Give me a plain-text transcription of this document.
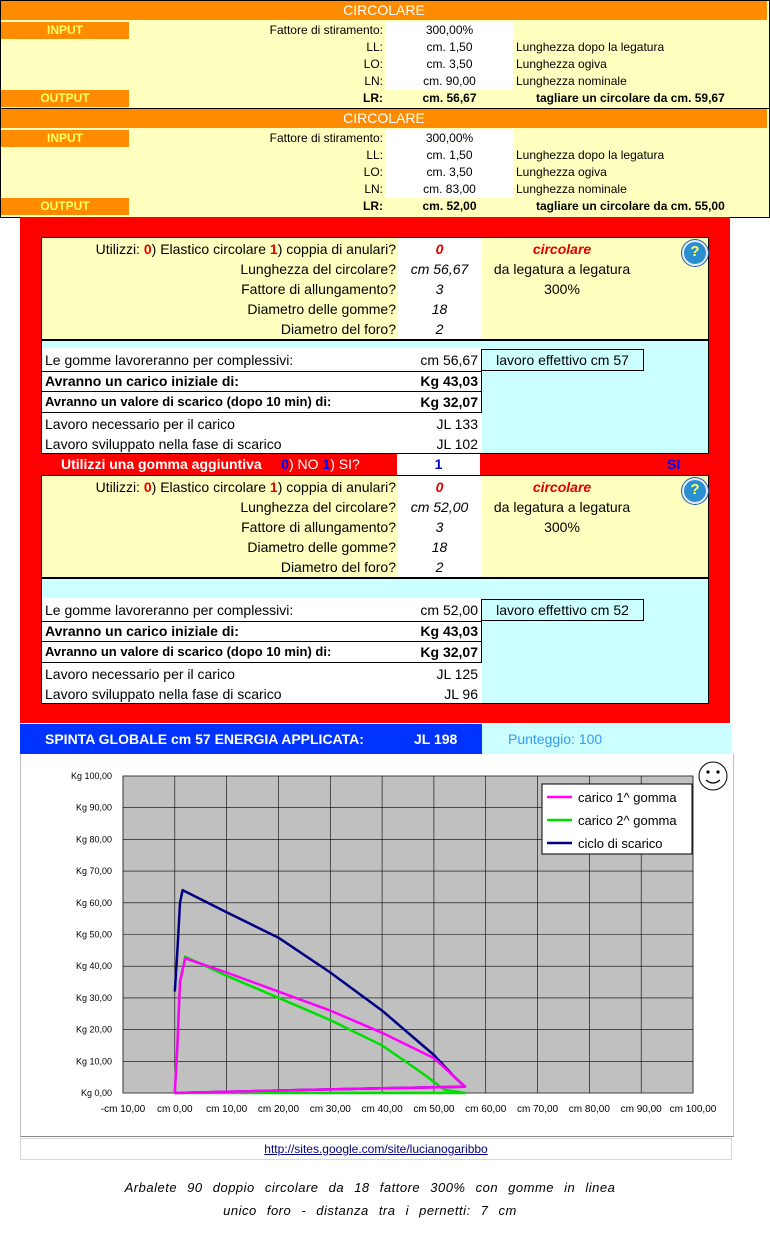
CIRCOLARE
INPUT	Fattore di stiramento:	300,00%
LL:	cm. 1,50	Lunghezza dopo la legatura
LO:	cm. 3,50	Lunghezza ogiva
LN:	cm. 90,00	Lunghezza nominale
OUTPUT	LR:	cm. 56,67	tagliare un circolare da cm. 59,67
CIRCOLARE
INPUT	Fattore di stiramento:	300,00%
LL:	cm. 1,50	Lunghezza dopo la legatura
LO:	cm. 3,50	Lunghezza ogiva
LN:	cm. 83,00	Lunghezza nominale
OUTPUT	LR:	cm. 52,00	tagliare un circolare da cm. 55,00
Utilizzi: 0) Elastico circolare 1) coppia di anulari?	0	circolare
Lunghezza del circolare?	cm 56,67	da legatura a legatura
Fattore di allungamento?	3	300%
Diametro delle gomme?	18
Diametro del foro?	2
?
Le gomme lavoreranno per complessivi:	cm 56,67	lavoro effettivo cm 57
Avranno un carico iniziale di:	Kg 43,03
Avranno un valore di scarico (dopo 10 min) di:	Kg 32,07
Lavoro necessario per il carico	JL 133
Lavoro sviluppato nella fase di scarico	JL 102
Utilizzi una gomma aggiuntiva 0) NO 1) SI?	1	SI
Utilizzi: 0) Elastico circolare 1) coppia di anulari?	0	circolare
Lunghezza del circolare?	cm 52,00	da legatura a legatura
Fattore di allungamento?	3	300%
Diametro delle gomme?	18
Diametro del foro?	2
?
Le gomme lavoreranno per complessivi:	cm 52,00	lavoro effettivo cm 52
Avranno un carico iniziale di:	Kg 43,03
Avranno un valore di scarico (dopo 10 min) di:	Kg 32,07
Lavoro necessario per il carico	JL 125
Lavoro sviluppato nella fase di scarico	JL 96
SPINTA GLOBALE cm 57 ENERGIA APPLICATA:	JL 198	Punteggio: 100
-cm 10,00 cm 0,00 cm 10,00 cm 20,00 cm 30,00 cm 40,00 cm 50,00 cm 60,00 cm 70,00 cm 80,00 cm 90,00 cm 100,00
Kg 0,00
Kg 10,00
Kg 20,00
Kg 30,00
Kg 40,00
Kg 50,00
Kg 60,00
Kg 70,00
Kg 80,00
Kg 90,00
Kg 100,00
carico 1^ gomma
carico 2^ gomma
ciclo di scarico
http://sites.google.com/site/lucianogaribbo
Arbalete 90 doppio circolare da 18 fattore 300% con gomme in linea
unico foro - distanza tra i pernetti: 7 cm
